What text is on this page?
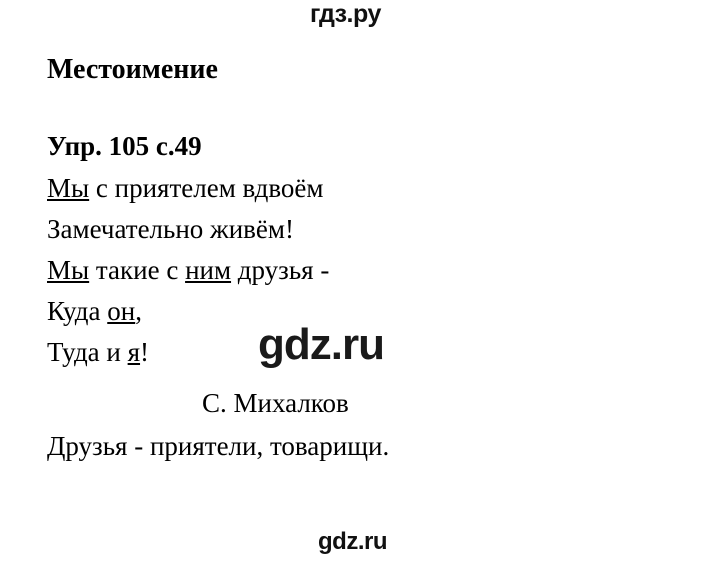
гдз.ру
Местоимение
Упр. 105 с.49
Мы с приятелем вдвоём
Замечательно живём!
Мы такие с ним друзья -
Куда он,
Туда и я!
С. Михалков
Друзья - приятели, товарищи.
gdz.ru
gdz.ru
